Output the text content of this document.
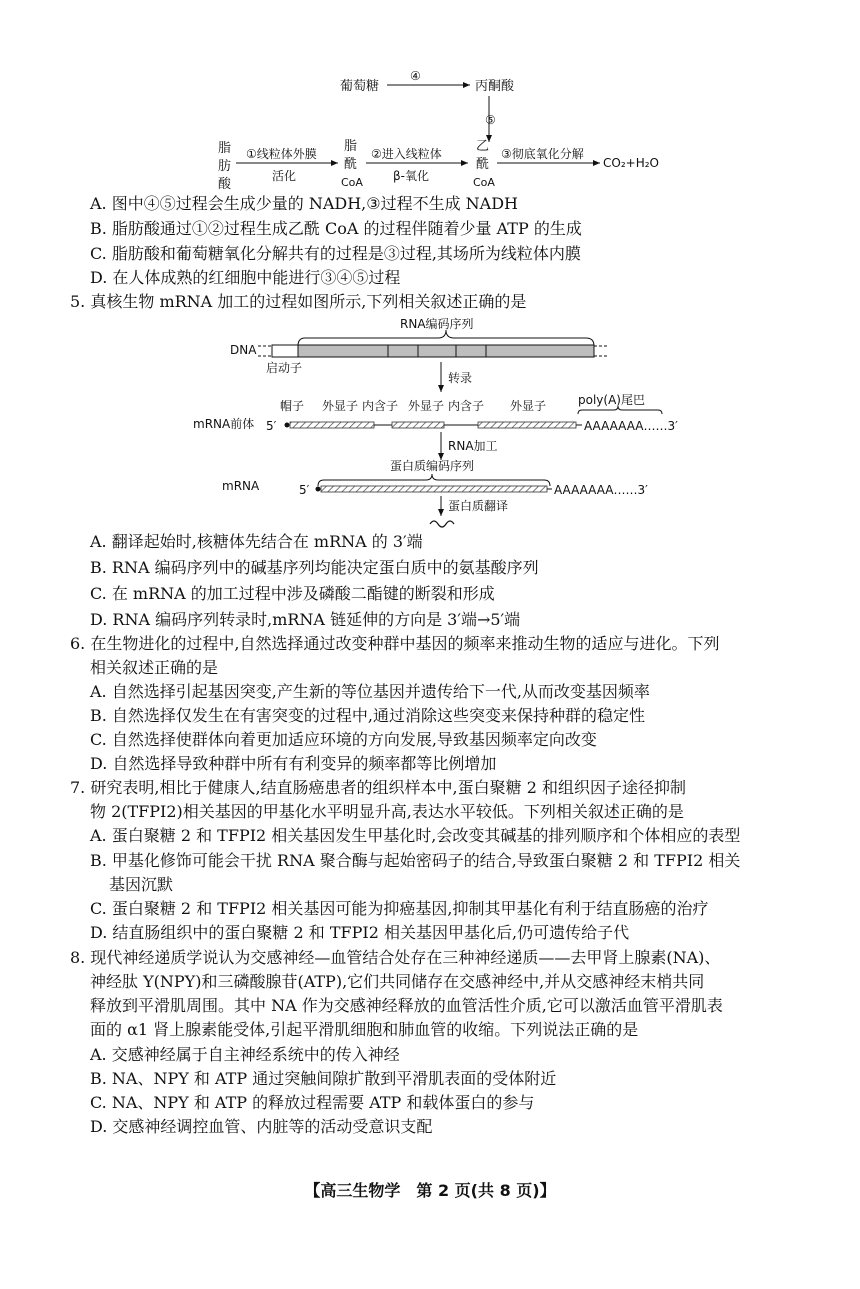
葡萄糖
④
丙酮酸
⑤
脂
肪
酸
①线粒体外膜
活化
脂
酰
CoA
②进入线粒体
β-氧化
乙
酰
CoA
③彻底氧化分解
CO₂+H₂O
A. 图中④⑤过程会生成少量的 NADH,③过程不生成 NADH
B. 脂肪酸通过①②过程生成乙酰 CoA 的过程伴随着少量 ATP 的生成
C. 脂肪酸和葡萄糖氧化分解共有的过程是③过程,其场所为线粒体内膜
D. 在人体成熟的红细胞中能进行③④⑤过程
5. 真核生物 mRNA 加工的过程如图所示,下列相关叙述正确的是
RNA编码序列
DNA
启动子
转录
帽子 外显子 内含子 外显子 内含子 外显子	poly(A)尾巴
mRNA前体 5′	AAAAAAA……3′
RNA加工
蛋白质编码序列
mRNA	5′	AAAAAAA……3′
蛋白质翻译
A. 翻译起始时,核糖体先结合在 mRNA 的 3′端
B. RNA 编码序列中的碱基序列均能决定蛋白质中的氨基酸序列
C. 在 mRNA 的加工过程中涉及磷酸二酯键的断裂和形成
D. RNA 编码序列转录时,mRNA 链延伸的方向是 3′端→5′端
6. 在生物进化的过程中,自然选择通过改变种群中基因的频率来推动生物的适应与进化。下列
相关叙述正确的是
A. 自然选择引起基因突变,产生新的等位基因并遗传给下一代,从而改变基因频率
B. 自然选择仅发生在有害突变的过程中,通过消除这些突变来保持种群的稳定性
C. 自然选择使群体向着更加适应环境的方向发展,导致基因频率定向改变
D. 自然选择导致种群中所有有利变异的频率都等比例增加
7. 研究表明,相比于健康人,结直肠癌患者的组织样本中,蛋白聚糖 2 和组织因子途径抑制
物 2(TFPI2)相关基因的甲基化水平明显升高,表达水平较低。下列相关叙述正确的是
A. 蛋白聚糖 2 和 TFPI2 相关基因发生甲基化时,会改变其碱基的排列顺序和个体相应的表型
B. 甲基化修饰可能会干扰 RNA 聚合酶与起始密码子的结合,导致蛋白聚糖 2 和 TFPI2 相关
基因沉默
C. 蛋白聚糖 2 和 TFPI2 相关基因可能为抑癌基因,抑制其甲基化有利于结直肠癌的治疗
D. 结直肠组织中的蛋白聚糖 2 和 TFPI2 相关基因甲基化后,仍可遗传给子代
8. 现代神经递质学说认为交感神经—血管结合处存在三种神经递质——去甲肾上腺素(NA)、
神经肽 Y(NPY)和三磷酸腺苷(ATP),它们共同储存在交感神经中,并从交感神经末梢共同
释放到平滑肌周围。其中 NA 作为交感神经释放的血管活性介质,它可以激活血管平滑肌表
面的 α1 肾上腺素能受体,引起平滑肌细胞和肺血管的收缩。下列说法正确的是
A. 交感神经属于自主神经系统中的传入神经
B. NA、NPY 和 ATP 通过突触间隙扩散到平滑肌表面的受体附近
C. NA、NPY 和 ATP 的释放过程需要 ATP 和载体蛋白的参与
D. 交感神经调控血管、内脏等的活动受意识支配
【高三生物学　第 2 页(共 8 页)】
